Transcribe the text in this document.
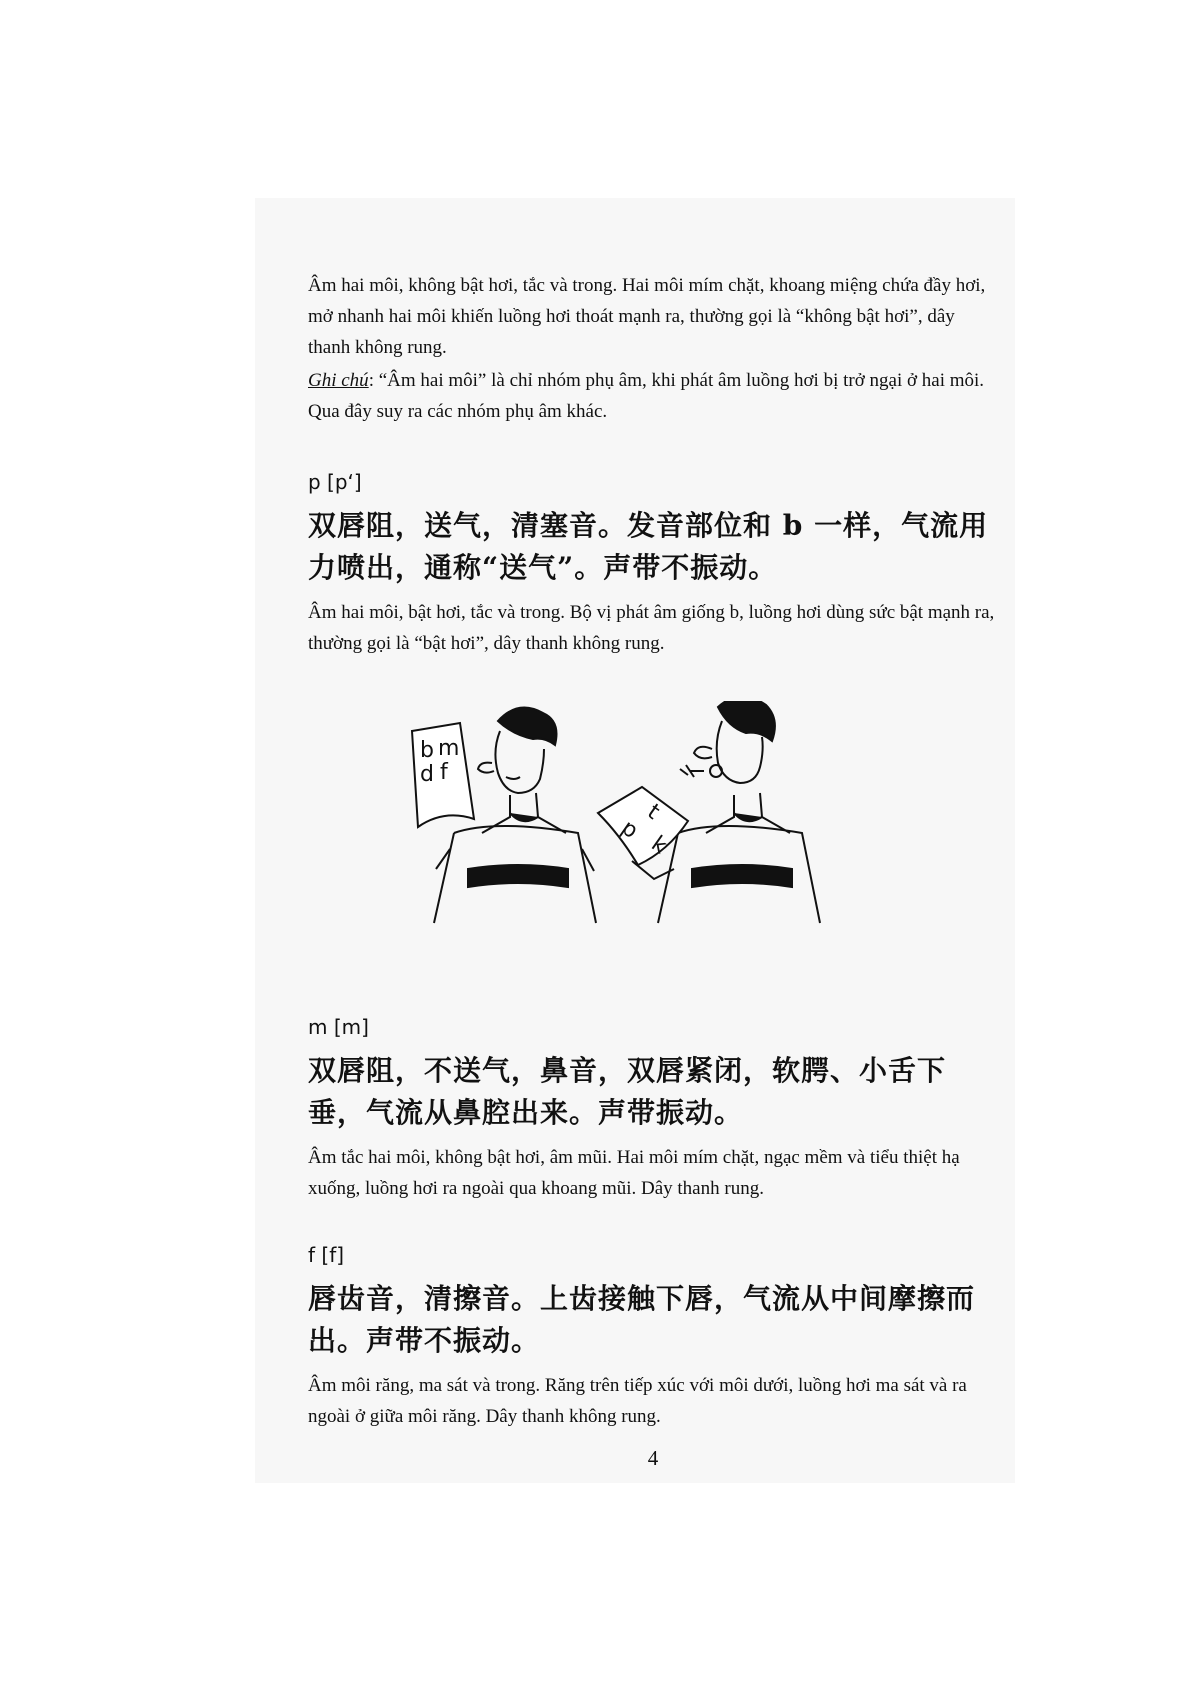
Âm hai môi, không bật hơi, tắc và trong. Hai môi mím chặt, khoang miệng chứa đầy hơi, mở nhanh hai môi khiến luồng hơi thoát mạnh ra, thường gọi là “không bật hơi”, dây thanh không rung.

Ghi chú: “Âm hai môi” là chỉ nhóm phụ âm, khi phát âm luồng hơi bị trở ngại ở hai môi. Qua đây suy ra các nhóm phụ âm khác.

p [p‘]

双唇阻，送气，清塞音。发音部位和 b 一样，气流用力喷出，通称“送气”。声带不振动。

Âm hai môi, bật hơi, tắc và trong. Bộ vị phát âm giống b, luồng hơi dùng sức bật mạnh ra, thường gọi là “bật hơi”, dây thanh không rung.

b m
d f
p
t
k

m [m]

双唇阻，不送气，鼻音，双唇紧闭，软腭、小舌下垂，气流从鼻腔出来。声带振动。

Âm tắc hai môi, không bật hơi, âm mũi. Hai môi mím chặt, ngạc mềm và tiểu thiệt hạ xuống, luồng hơi ra ngoài qua khoang mũi. Dây thanh rung.

f [f]

唇齿音，清擦音。上齿接触下唇，气流从中间摩擦而出。声带不振动。

Âm môi răng, ma sát và trong. Răng trên tiếp xúc với môi dưới, luồng hơi ma sát và ra ngoài ở giữa môi răng. Dây thanh không rung.

4
